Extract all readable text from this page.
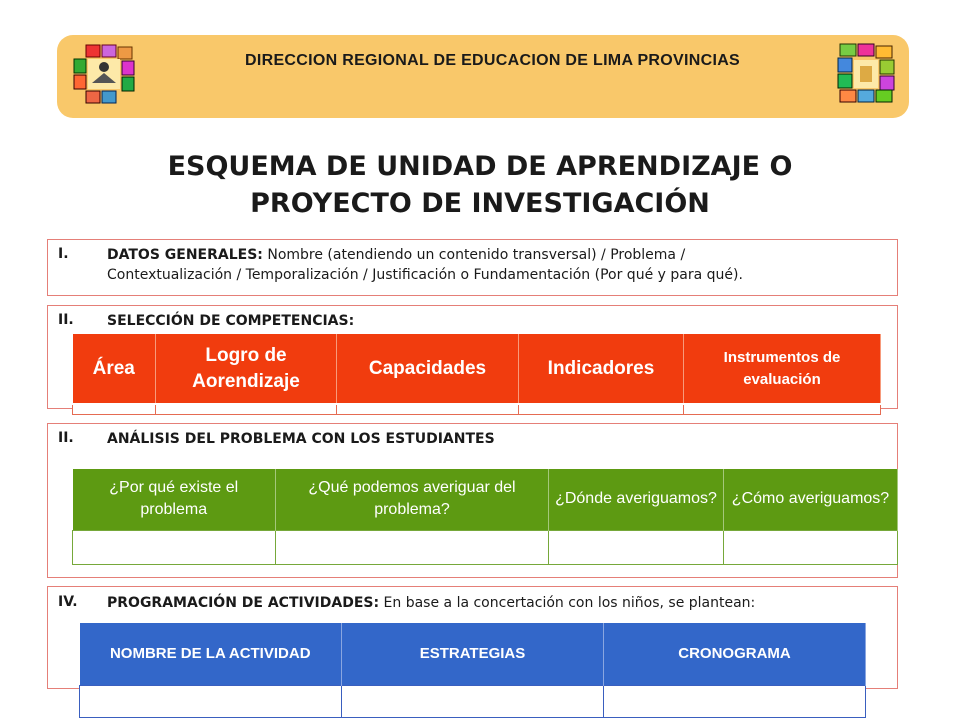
DIRECCION REGIONAL DE EDUCACION DE LIMA PROVINCIAS
ESQUEMA DE UNIDAD DE APRENDIZAJE O
PROYECTO DE INVESTIGACIÓN
I.	DATOS GENERALES: Nombre (atendiendo un contenido transversal) / Problema /
Contextualización / Temporalización / Justificación o Fundamentación (Por qué y para qué).
II. SELECCIÓN DE COMPETENCIAS:
Área	Logro de Aorendizaje	Capacidades	Indicadores	Instrumentos de evaluación

II. ANÁLISIS DEL PROBLEMA CON LOS ESTUDIANTES
¿Por qué existe el problema	¿Qué podemos averiguar del problema?	¿Dónde averiguamos?	¿Cómo averiguamos?

IV. PROGRAMACIÓN DE ACTIVIDADES: En base a la concertación con los niños, se plantean:
NOMBRE DE LA ACTIVIDAD	ESTRATEGIAS	CRONOGRAMA
